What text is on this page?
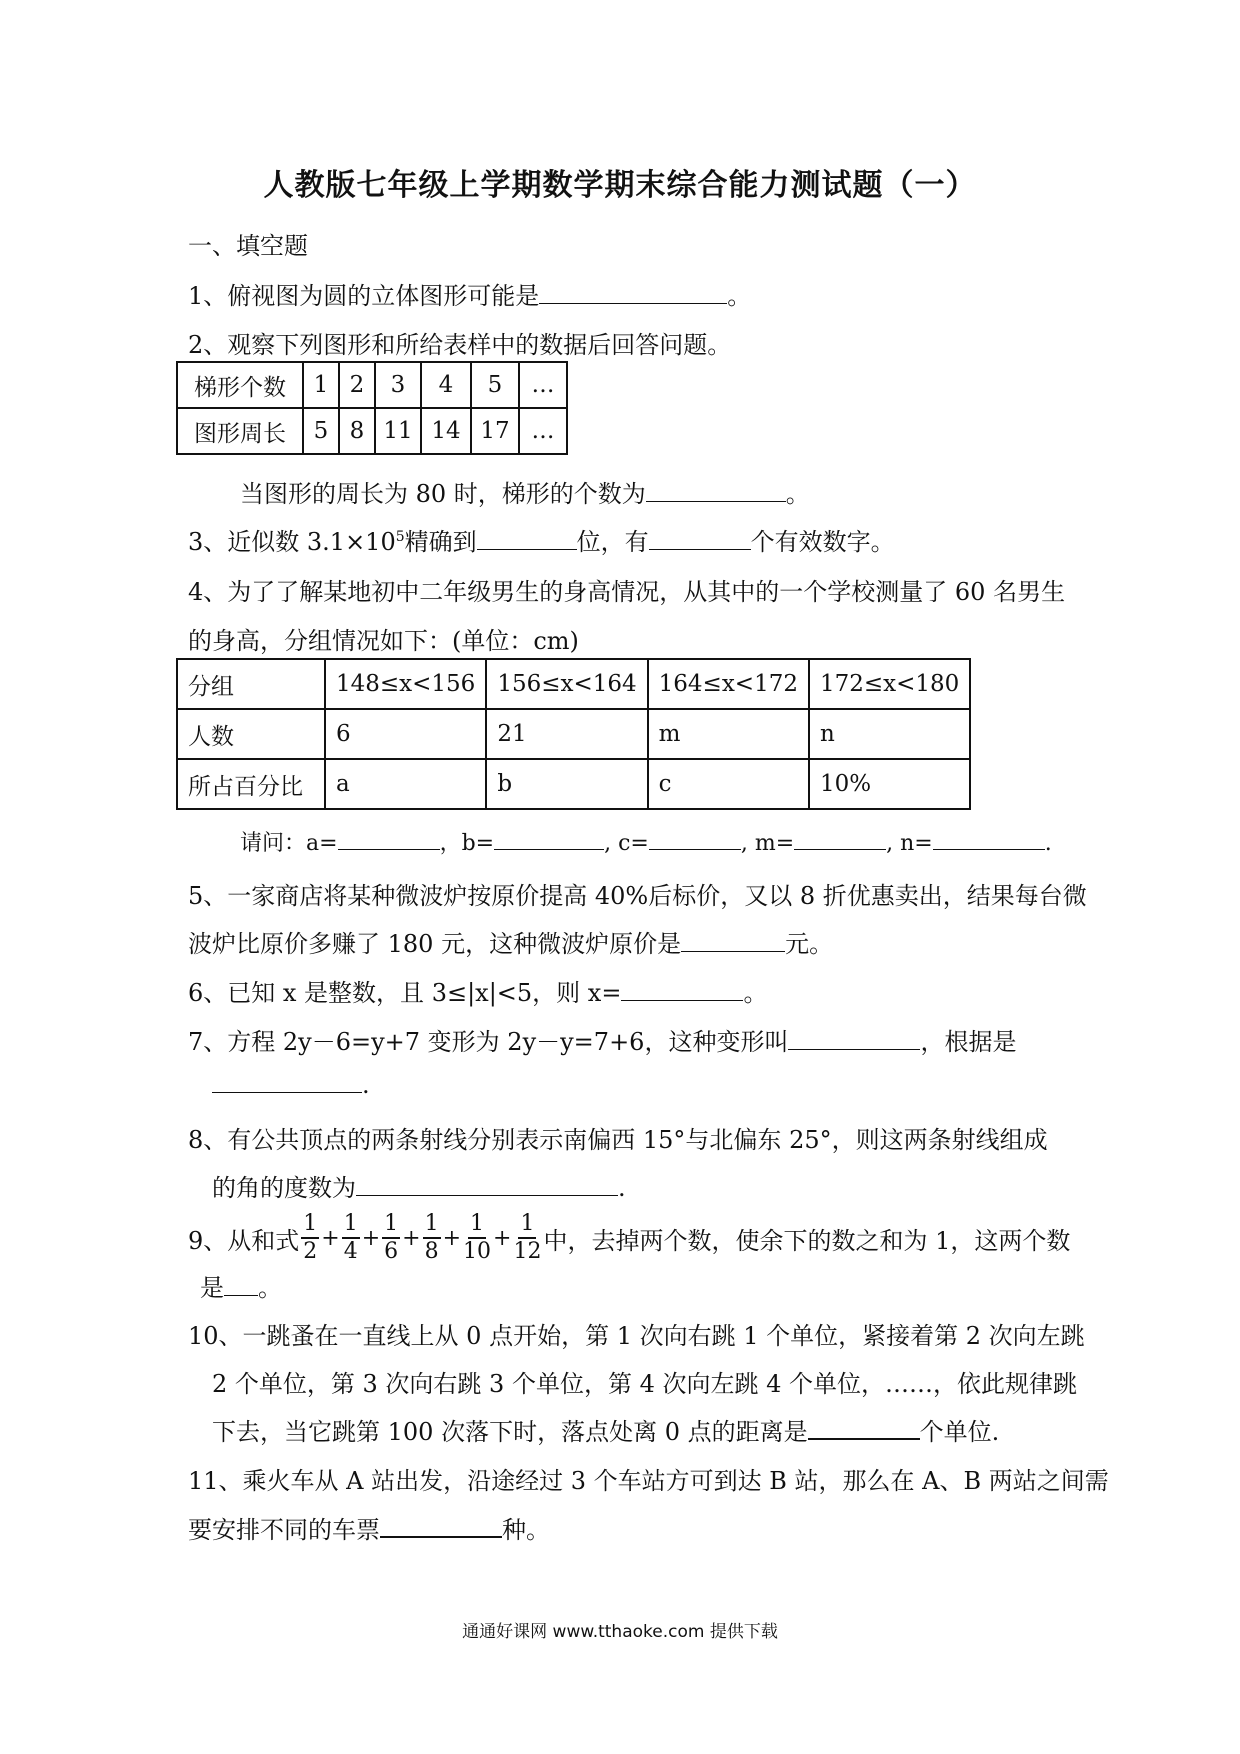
人教版七年级上学期数学期末综合能力测试题（一）
一、填空题
1、俯视图为圆的立体图形可能是	。
2、观察下列图形和所给表样中的数据后回答问题。
梯形个数	1	2	3	4	5	…
图形周长	5	8	11	14	17	…
当图形的周长为 80 时，梯形的个数为	。
3、近似数 $3.1\times 10^5$精确到	位，有	个有效数字。
4、为了了解某地初中二年级男生的身高情况，从其中的一个学校测量了 60 名男生
的身高，分组情况如下：(单位：cm)
分组	148≤x<156	156≤x<164	164≤x<172	172≤x<180
人数	6	21	m	n
所占百分比	a	b	c	10%
请问：a=	，b=	, c=	, m=	, n=	.
5、一家商店将某种微波炉按原价提高 40%后标价，又以 8 折优惠卖出，结果每台微
波炉比原价多赚了 180 元，这种微波炉原价是	元。
6、已知 x 是整数，且 3≤|x|<5，则 x=	。
7、方程 2y－6=y+7 变形为 2y－y=7+6，这种变形叫	，根据是
.
8、有公共顶点的两条射线分别表示南偏西 15°与北偏东 25°，则这两条射线组成
的角的度数为	.
9、从和式 $\frac{1}{2} + \frac{1}{4} + \frac{1}{6} + \frac{1}{8} + \frac{1}{10} + \frac{1}{12}$ 中，去掉两个数，使余下的数之和为 1，这两个数
是 。
10、一跳蚤在一直线上从 0 点开始，第 1 次向右跳 1 个单位，紧接着第 2 次向左跳
2 个单位，第 3 次向右跳 3 个单位，第 4 次向左跳 4 个单位，……，依此规律跳
下去，当它跳第 100 次落下时，落点处离 0 点的距离是	个单位.
11、乘火车从 A 站出发，沿途经过 3 个车站方可到达 B 站，那么在 A、B 两站之间需
要安排不同的车票	种。
通通好课网 www.tthaoke.com 提供下载
